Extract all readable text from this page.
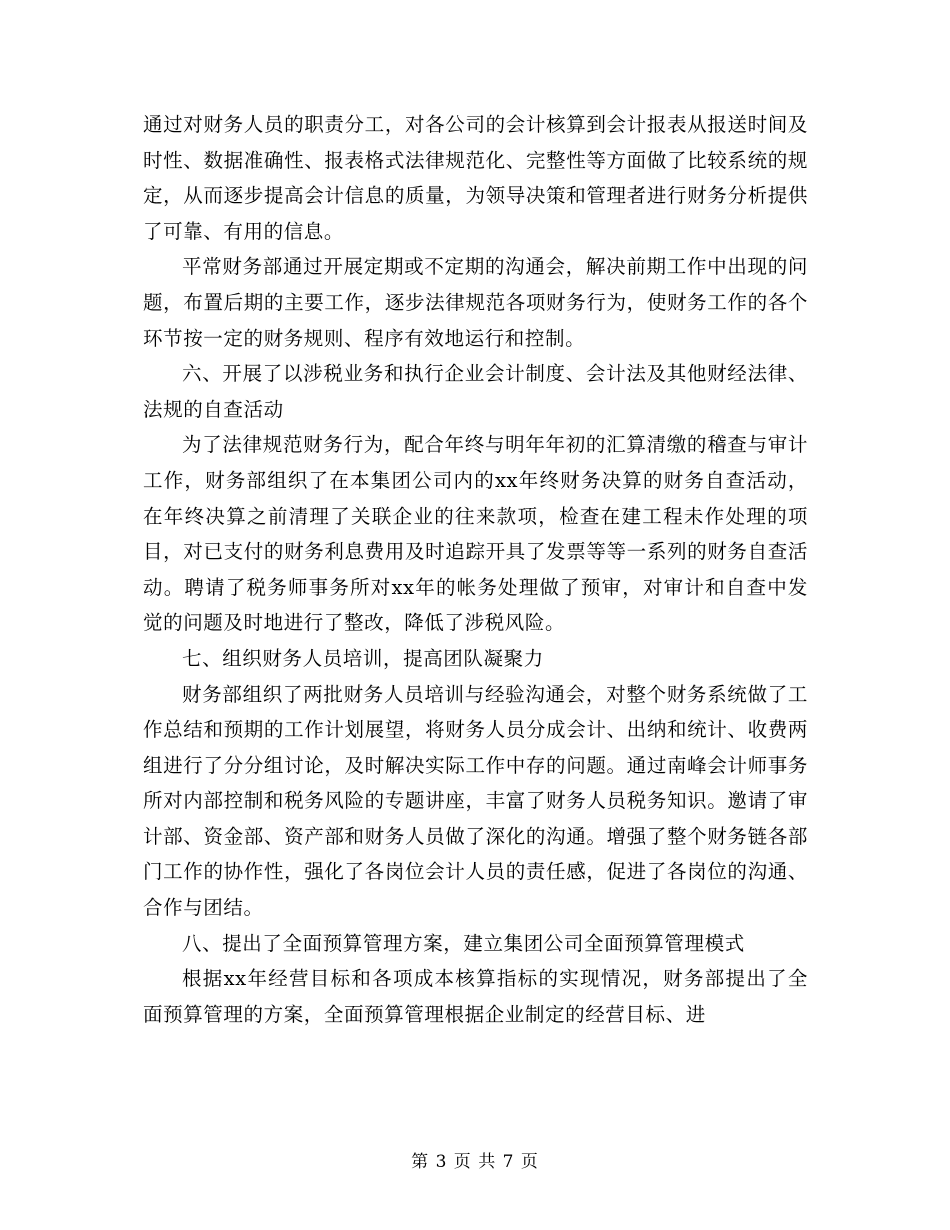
通过对财务人员的职责分工，对各公司的会计核算到会计报表从报送时间及时性、数据准确性、报表格式法律规范化、完整性等方面做了比较系统的规定，从而逐步提高会计信息的质量，为领导决策和管理者进行财务分析提供了可靠、有用的信息。

平常财务部通过开展定期或不定期的沟通会，解决前期工作中出现的问题，布置后期的主要工作，逐步法律规范各项财务行为，使财务工作的各个环节按一定的财务规则、程序有效地运行和控制。

六、开展了以涉税业务和执行企业会计制度、会计法及其他财经法律、法规的自查活动

为了法律规范财务行为，配合年终与明年年初的汇算清缴的稽查与审计工作，财务部组织了在本集团公司内的xx年终财务决算的财务自查活动，在年终决算之前清理了关联企业的往来款项，检查在建工程未作处理的项目，对已支付的财务利息费用及时追踪开具了发票等等一系列的财务自查活动。聘请了税务师事务所对xx年的帐务处理做了预审，对审计和自查中发觉的问题及时地进行了整改，降低了涉税风险。

七、组织财务人员培训，提高团队凝聚力

财务部组织了两批财务人员培训与经验沟通会，对整个财务系统做了工作总结和预期的工作计划展望，将财务人员分成会计、出纳和统计、收费两组进行了分分组讨论，及时解决实际工作中存的问题。通过南峰会计师事务所对内部控制和税务风险的专题讲座，丰富了财务人员税务知识。邀请了审计部、资金部、资产部和财务人员做了深化的沟通。增强了整个财务链各部门工作的协作性，强化了各岗位会计人员的责任感，促进了各岗位的沟通、合作与团结。

八、提出了全面预算管理方案，建立集团公司全面预算管理模式

根据xx年经营目标和各项成本核算指标的实现情况，财务部提出了全面预算管理的方案，全面预算管理根据企业制定的经营目标、进

第 3 页 共 7 页
